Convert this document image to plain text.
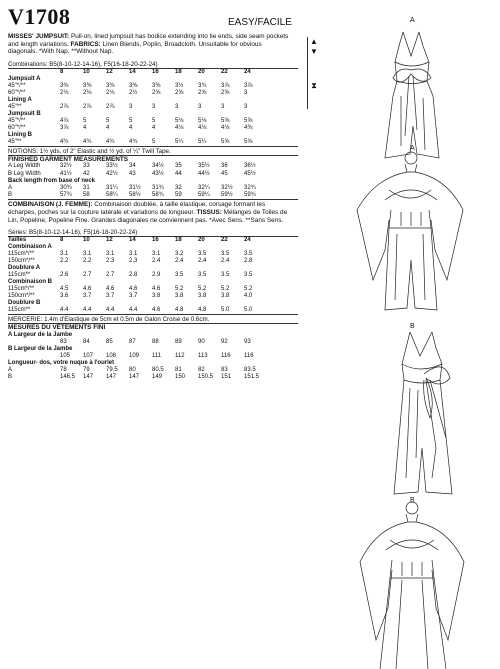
V1708
MISSES' JUMPSUIT: Pull-on, lined jumpsuit has bodice extending into tie ends, side seam pockets and length variations. FABRICS: Linen Blends, Poplin, Broadcloth. Unsuitable for obvious diagonals. *With Nap. **Without Nap.
Combinations: B5(8-10-12-14-16), F5(16-18-20-22-24)
	8	10	12	14	16	18	20	22	24
Jumpsuit A									
45"*/**	3⅜	3⅜	3⅜	3⅜	3⅜	3½	3¾	3⅞	3⅞
60"*/**	2⅛	2⅛	2⅛	2½	2⅝	2⅝	2⅝	2⅝	3
Lining A									
45"**	2⅞	2⅞	2⅞	3	3	3	3	3	3
Jumpsuit B									
45"*/**	4⅞	5	5	5	5	5⅛	5⅛	5⅝	5⅝
60"*/**	3⅞	4	4	4	4	4⅛	4⅛	4⅛	4⅜
Lining B									
45"**	4¾	4¾	4¾	4¾	5	5¼	5¼	5⅝	5⅝
NOTIONS: 1½ yds. of 2" Elastic and ½ yd. of ¼" Twill Tape.
FINISHED GARMENT MEASUREMENTS
A Leg Width	32½	33	33½	34	34½	35	35½	36	36½
B Leg Width	41½	42	42½	43	43½	44	44½	45	45½
Back length from base of neck									
A	30¾	31	31¼	31½	31¾	32	32¼	32½	32¾
B	57¾	58	58¼	58½	58¾	59	59¼	59½	59¾
COMBINAISON (J. FEMME): Combinaison doublée, à taille élastique, corsage formant les écharpes, poches sur la couture latérale et variations de longueur. TISSUS: Mélanges de Toiles de Lin, Popeline, Popeline Fine. Grandes diagonales ne conviennent pas. *Avec Sens. **Sans Sens.
Séries: B5(8-10-12-14-16), F5(16-18-20-22-24)
Tailles	8	10	12	14	16	18	20	22	24
Combinaison A									
115cm*/**	3.1	3.1	3.1	3.1	3.1	3.2	3.5	3.5	3.5
150cm*/**	2.2	2.2	2.3	2.3	2.4	2.4	2.4	2.4	2.8
Doublure A									
115cm**	2.6	2.7	2.7	2.8	2.9	3.5	3.5	3.5	3.5
Combinaison B									
115cm*/**	4.5	4.6	4.6	4.6	4.6	5.2	5.2	5.2	5.2
150cm*/**	3.6	3.7	3.7	3.7	3.8	3.8	3.8	3.8	4.0
Doublure B									
115cm**	4.4	4.4	4.4	4.4	4.6	4.8	4.8	5.0	5.0
MERCERIE: 1.4m d'Elastique de 5cm et 0.5m de Galon Croisé de 0.6cm.
MESURES DU VÊTEMENTS FINI
A Largeur de la Jambe									
	83	84	85	87	88	89	90	92	93
B Largeur de la Jambe									
	105	107	108	109	111	112	113	116	116
Longueur- dos, votre nuque à l'ourlet									
A	78	79	79.5	80	80.5	81	82	83	83.5
B	146.5	147	147	147	149	150	150.5	151	151.5
EASY/FACILE
▲
▼
⧗
A
A
B
B
